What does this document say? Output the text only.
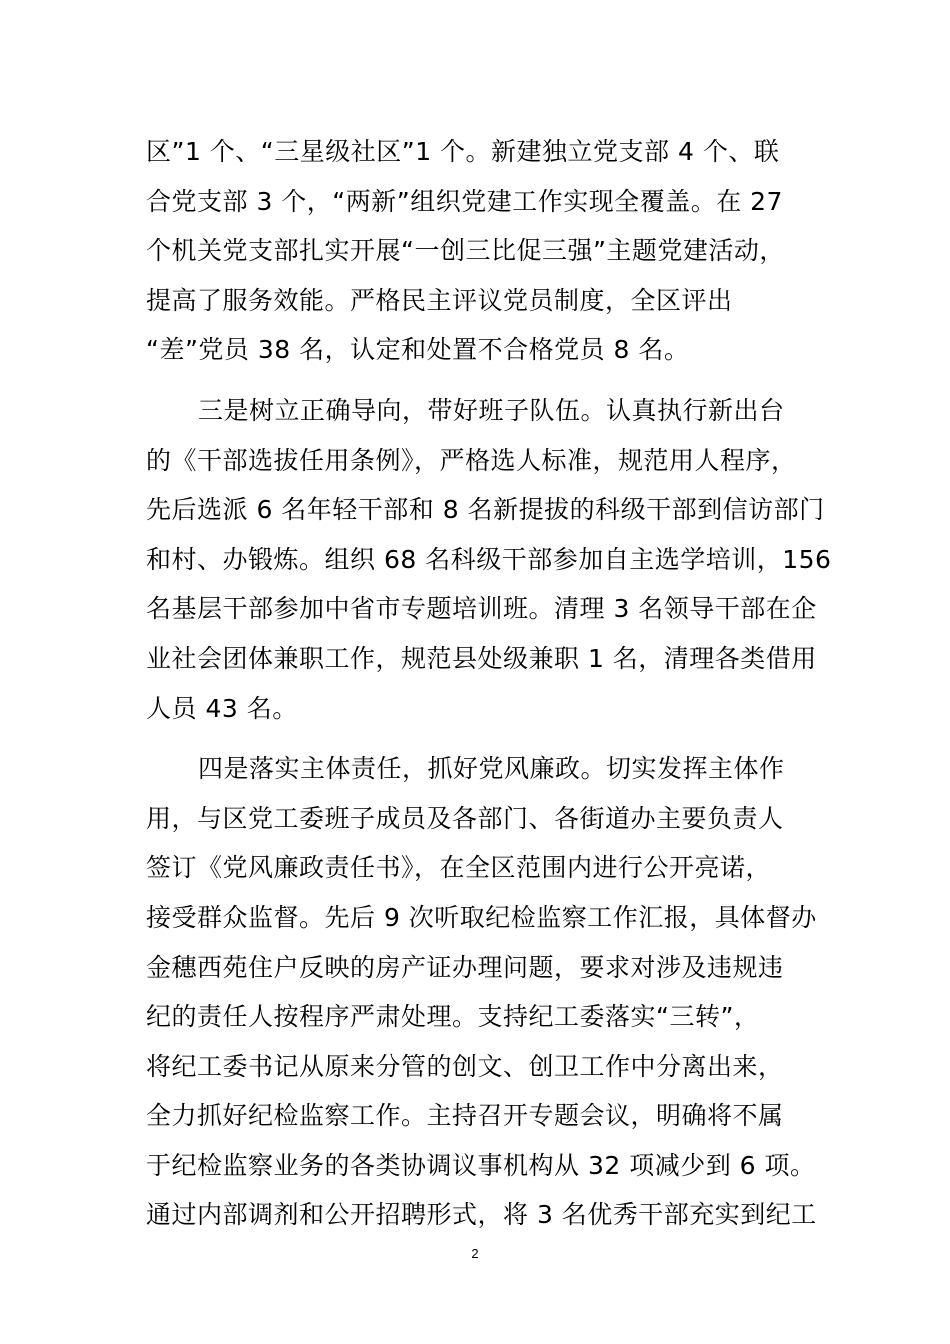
区”1 个、“三星级社区”1 个。新建独立党支部 4 个、联
合党支部 3 个，“两新”组织党建工作实现全覆盖。在 27
个机关党支部扎实开展“一创三比促三强”主题党建活动，
提高了服务效能。严格民主评议党员制度，全区评出
“差”党员 38 名，认定和处置不合格党员 8 名。
三是树立正确导向，带好班子队伍。认真执行新出台
的《干部选拔任用条例》，严格选人标准，规范用人程序，
先后选派 6 名年轻干部和 8 名新提拔的科级干部到信访部门
和村、办锻炼。组织 68 名科级干部参加自主选学培训，156
名基层干部参加中省市专题培训班。清理 3 名领导干部在企
业社会团体兼职工作，规范县处级兼职 1 名，清理各类借用
人员 43 名。
四是落实主体责任，抓好党风廉政。切实发挥主体作
用，与区党工委班子成员及各部门、各街道办主要负责人
签订《党风廉政责任书》，在全区范围内进行公开亮诺，
接受群众监督。先后 9 次听取纪检监察工作汇报，具体督办
金穗西苑住户反映的房产证办理问题，要求对涉及违规违
纪的责任人按程序严肃处理。支持纪工委落实“三转”，
将纪工委书记从原来分管的创文、创卫工作中分离出来，
全力抓好纪检监察工作。主持召开专题会议，明确将不属
于纪检监察业务的各类协调议事机构从 32 项减少到 6 项。
通过内部调剂和公开招聘形式，将 3 名优秀干部充实到纪工
2
